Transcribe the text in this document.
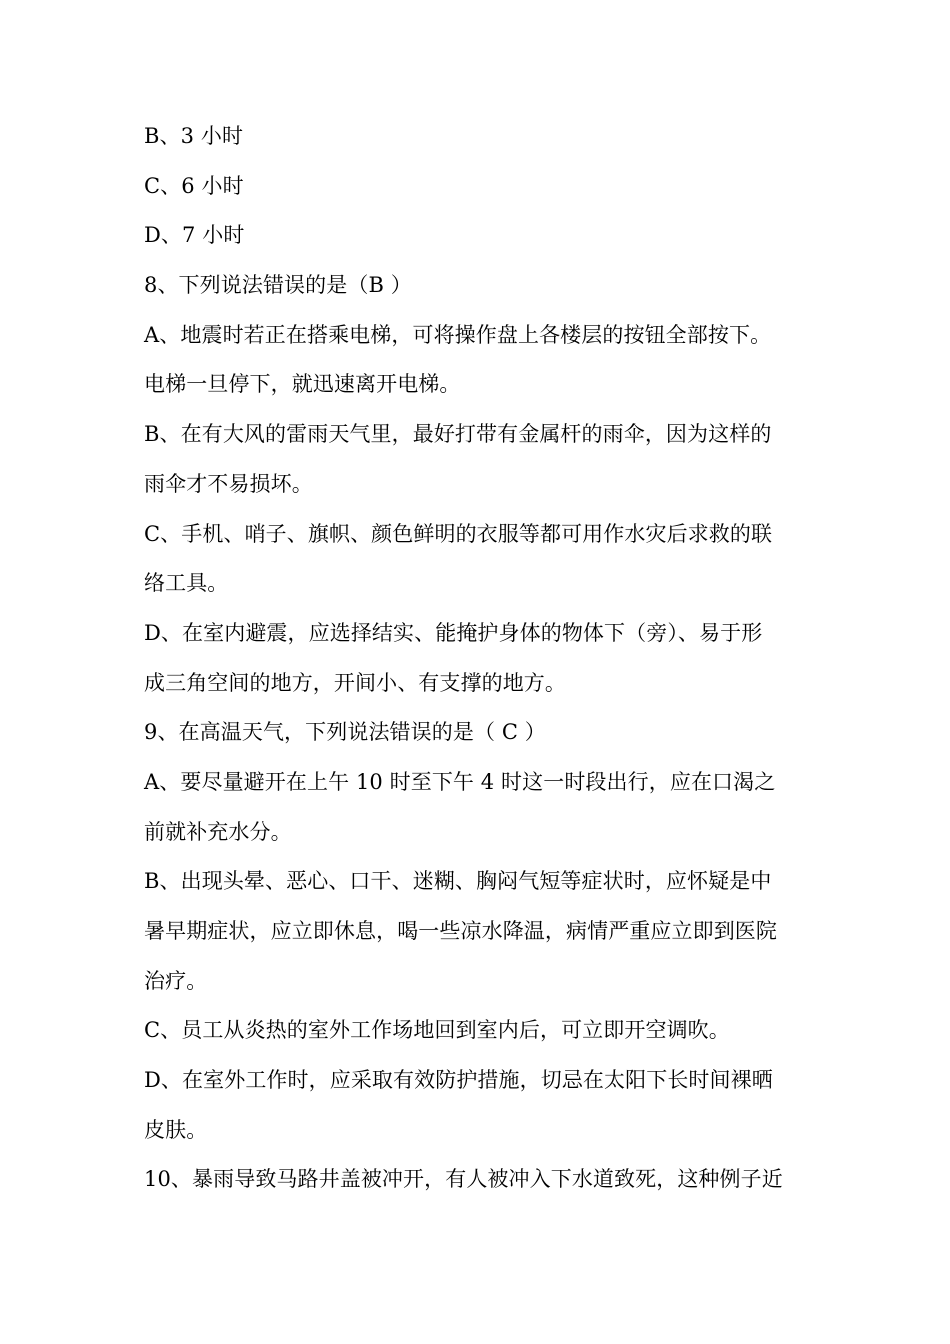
B、3 小时
C、6 小时
D、7 小时
8、下列说法错误的是（B ）
A、地震时若正在搭乘电梯，可将操作盘上各楼层的按钮全部按下。
电梯一旦停下，就迅速离开电梯。
B、在有大风的雷雨天气里，最好打带有金属杆的雨伞，因为这样的
雨伞才不易损坏。
C、手机、哨子、旗帜、颜色鲜明的衣服等都可用作水灾后求救的联
络工具。
D、在室内避震，应选择结实、能掩护身体的物体下（旁）、易于形
成三角空间的地方，开间小、有支撑的地方。
9、在高温天气，下列说法错误的是（ C ）
A、要尽量避开在上午 10 时至下午 4 时这一时段出行，应在口渴之
前就补充水分。
B、出现头晕、恶心、口干、迷糊、胸闷气短等症状时，应怀疑是中
暑早期症状，应立即休息，喝一些凉水降温，病情严重应立即到医院
治疗。
C、员工从炎热的室外工作场地回到室内后，可立即开空调吹。
D、在室外工作时，应采取有效防护措施，切忌在太阳下长时间裸晒
皮肤。
10、暴雨导致马路井盖被冲开，有人被冲入下水道致死，这种例子近
